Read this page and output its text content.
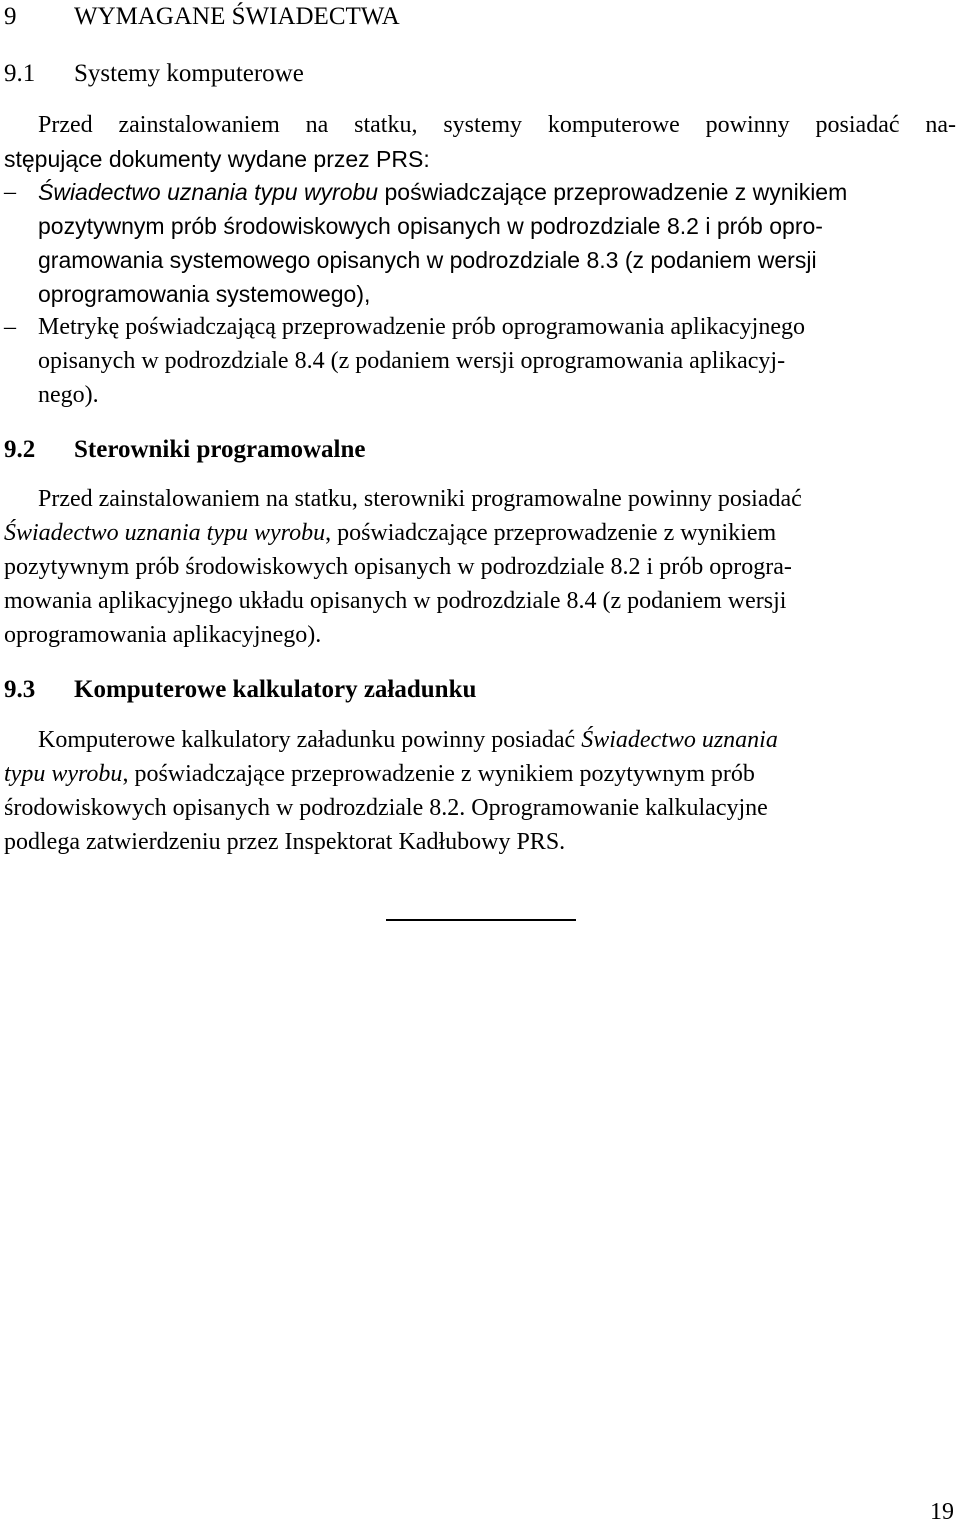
9 WYMAGANE ŚWIADECTWA
9.1 Systemy komputerowe
Przed zainstalowaniem na statku, systemy komputerowe powinny posiadać na-
stępujące dokumenty wydane przez PRS:
– Świadectwo uznania typu wyrobu poświadczające przeprowadzenie z wynikiem
pozytywnym prób środowiskowych opisanych w podrozdziale 8.2 i prób opro-
gramowania systemowego opisanych w podrozdziale 8.3 (z podaniem wersji
oprogramowania systemowego),
– Metrykę poświadczającą przeprowadzenie prób oprogramowania aplikacyjnego
opisanych w podrozdziale 8.4 (z podaniem wersji oprogramowania aplikacyj-
nego).
9.2 Sterowniki programowalne
Przed zainstalowaniem na statku, sterowniki programowalne powinny posiadać
Świadectwo uznania typu wyrobu, poświadczające przeprowadzenie z wynikiem
pozytywnym prób środowiskowych opisanych w podrozdziale 8.2 i prób oprogra-
mowania aplikacyjnego układu opisanych w podrozdziale 8.4 (z podaniem wersji
oprogramowania aplikacyjnego).
9.3 Komputerowe kalkulatory załadunku
Komputerowe kalkulatory załadunku powinny posiadać Świadectwo uznania
typu wyrobu, poświadczające przeprowadzenie z wynikiem pozytywnym prób
środowiskowych opisanych w podrozdziale 8.2. Oprogramowanie kalkulacyjne
podlega zatwierdzeniu przez Inspektorat Kadłubowy PRS.
19
